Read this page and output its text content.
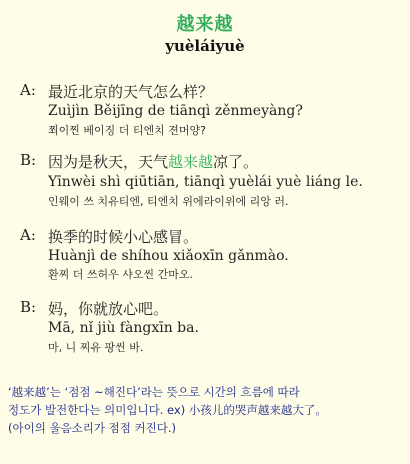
越来越
yuèláiyuè
A: 最近北京的天气怎么样？
Zuìjìn Běijīng de tiānqì zěnmeyàng?
쬐이찐 베이징 더 티엔치 젼머양?
B: 因为是秋天，天气越来越凉了。
Yīnwèi shì qiūtiān, tiānqì yuèlái yuè liáng le.
인웨이 쓰 치유티엔, 티엔치 위에라이위에 리앙 러.
A: 换季的时候小心感冒。
Huànjì de shíhou xiǎoxīn gǎnmào.
환찌 더 쓰허우 샤오씬 간마오.
B: 妈，你就放心吧。
Mā, nǐ jiù fàngxīn ba.
마, 니 찌유 팡씬 바.
‘越来越’는 ‘점점 ~해진다’라는 뜻으로 시간의 흐름에 따라
정도가 발전한다는 의미입니다. ex) 小孩儿的哭声越来越大了。
(아이의 울음소리가 점점 커진다.)
